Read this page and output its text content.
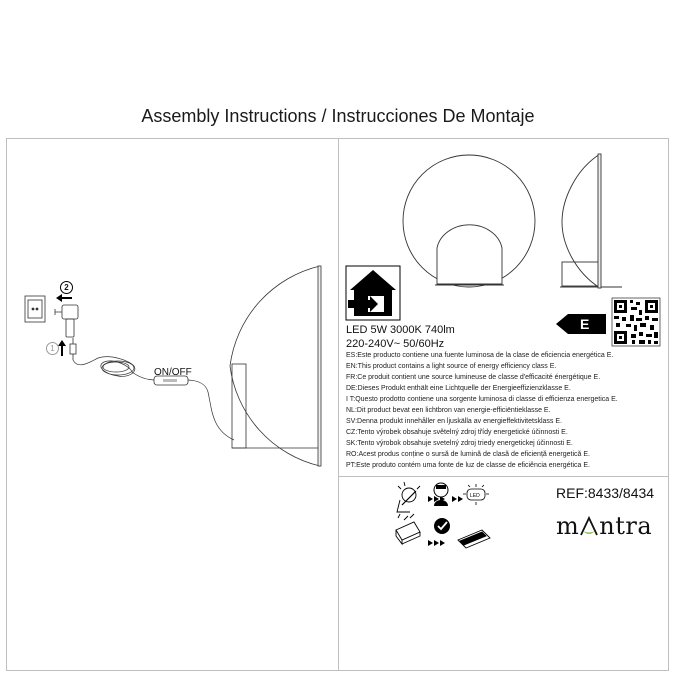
Assembly Instructions / Instrucciones De Montaje
LED
2
1
ON/OFF
LED 5W 3000K 740lm
220-240V~ 50/60Hz
E
ES:Este producto contiene una fuente luminosa de la clase de eficiencia energética E.
EN:This product contains a light source of energy efficiency class E.
FR:Ce produit contient une source lumineuse de classe d'efficacité énergétique E.
DE:Dieses Produkt enthält eine Lichtquelle der Energieeffizienzklasse E.
I T:Questo prodotto contiene una sorgente luminosa di classe di efficienza energetica E.
NL:Dit product bevat een lichtbron van energie-efficiëntieklasse E.
SV:Denna produkt innehåller en ljuskälla av energieffektivitetsklass E.
CZ:Tento výrobek obsahuje světelný zdroj třídy energetické účinnosti E.
SK:Tento výrobok obsahuje svetelný zdroj triedy energetickej účinnosti E.
RO:Acest produs conține o sursă de lumină de clasă de eficiență energetică E.
PT:Este produto contém uma fonte de luz de classe de eficiência energética E.
REF:8433/8434
m ntra
